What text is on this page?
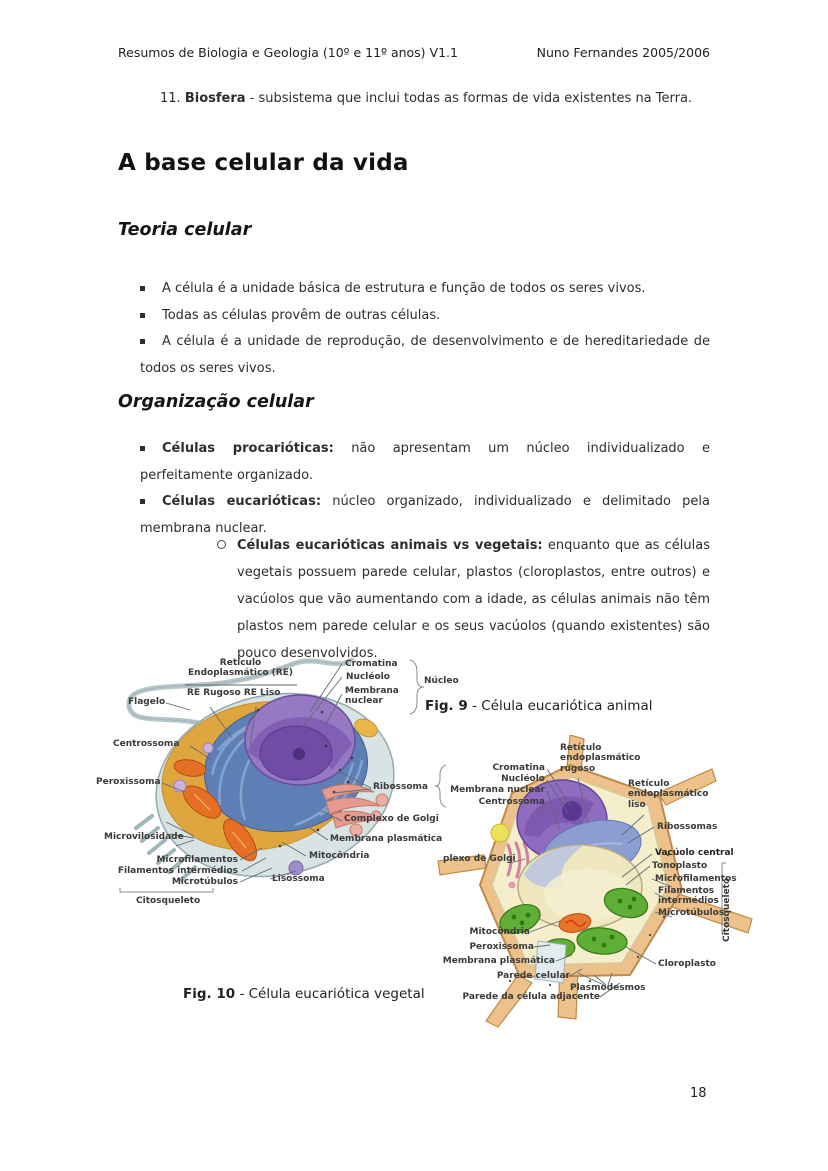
Resumos de Biologia e Geologia (10º e 11º anos) V1.1	Nuno Fernandes 2005/2006
11. Biosfera - subsistema que inclui todas as formas de vida existentes na Terra.
A base celular da vida
Teoria celular
A célula é a unidade básica de estrutura e função de todos os seres vivos.
Todas as células provêm de outras células.
A célula é a unidade de reprodução, de desenvolvimento e de hereditariedade de todos os seres vivos.
Organização celular
Células procarióticas: não apresentam um núcleo individualizado e perfeitamente organizado.
Células eucarióticas: núcleo organizado, individualizado e delimitado pela membrana nuclear.
Células eucarióticas animais vs vegetais: enquanto que as células vegetais possuem parede celular, plastos (cloroplastos, entre outros) e vacúolos que vão aumentando com a idade, as células animais não têm plastos nem parede celular e os seus vacúolos (quando existentes) são pouco desenvolvidos.
Retículo Endoplasmático (RE)
RE Rugoso RE Liso
Flagelo
Cromatina
Nucléolo
Membrana nuclear
Núcleo
Fig. 9 - Célula eucariótica animal
Centrossoma
Peroxissoma
Microvilosidade
Microfilamentos
Filamentos intermédios
Microtúbulos
Citosqueleto
Ribossoma
Complexo de Golgi
Membrana plasmática
Mitocôndria
Lisossoma
Retículo endoplasmático rugoso
Cromatina
Nucléolo
Membrana nuclear
Centrossoma
Retículo endoplasmático liso
Ribossomas
plexo de Golgi
Vacúolo central
Tonoplasto
Microfilamentos
Filamentos intermédios
Microtúbulos
Citosqueleto
Mitocôndria
Peroxissoma
Membrana plasmática
Parede celular
Parede da célula adjacente
Cloroplasto
Plasmodesmos
Fig. 10 - Célula eucariótica vegetal
18
